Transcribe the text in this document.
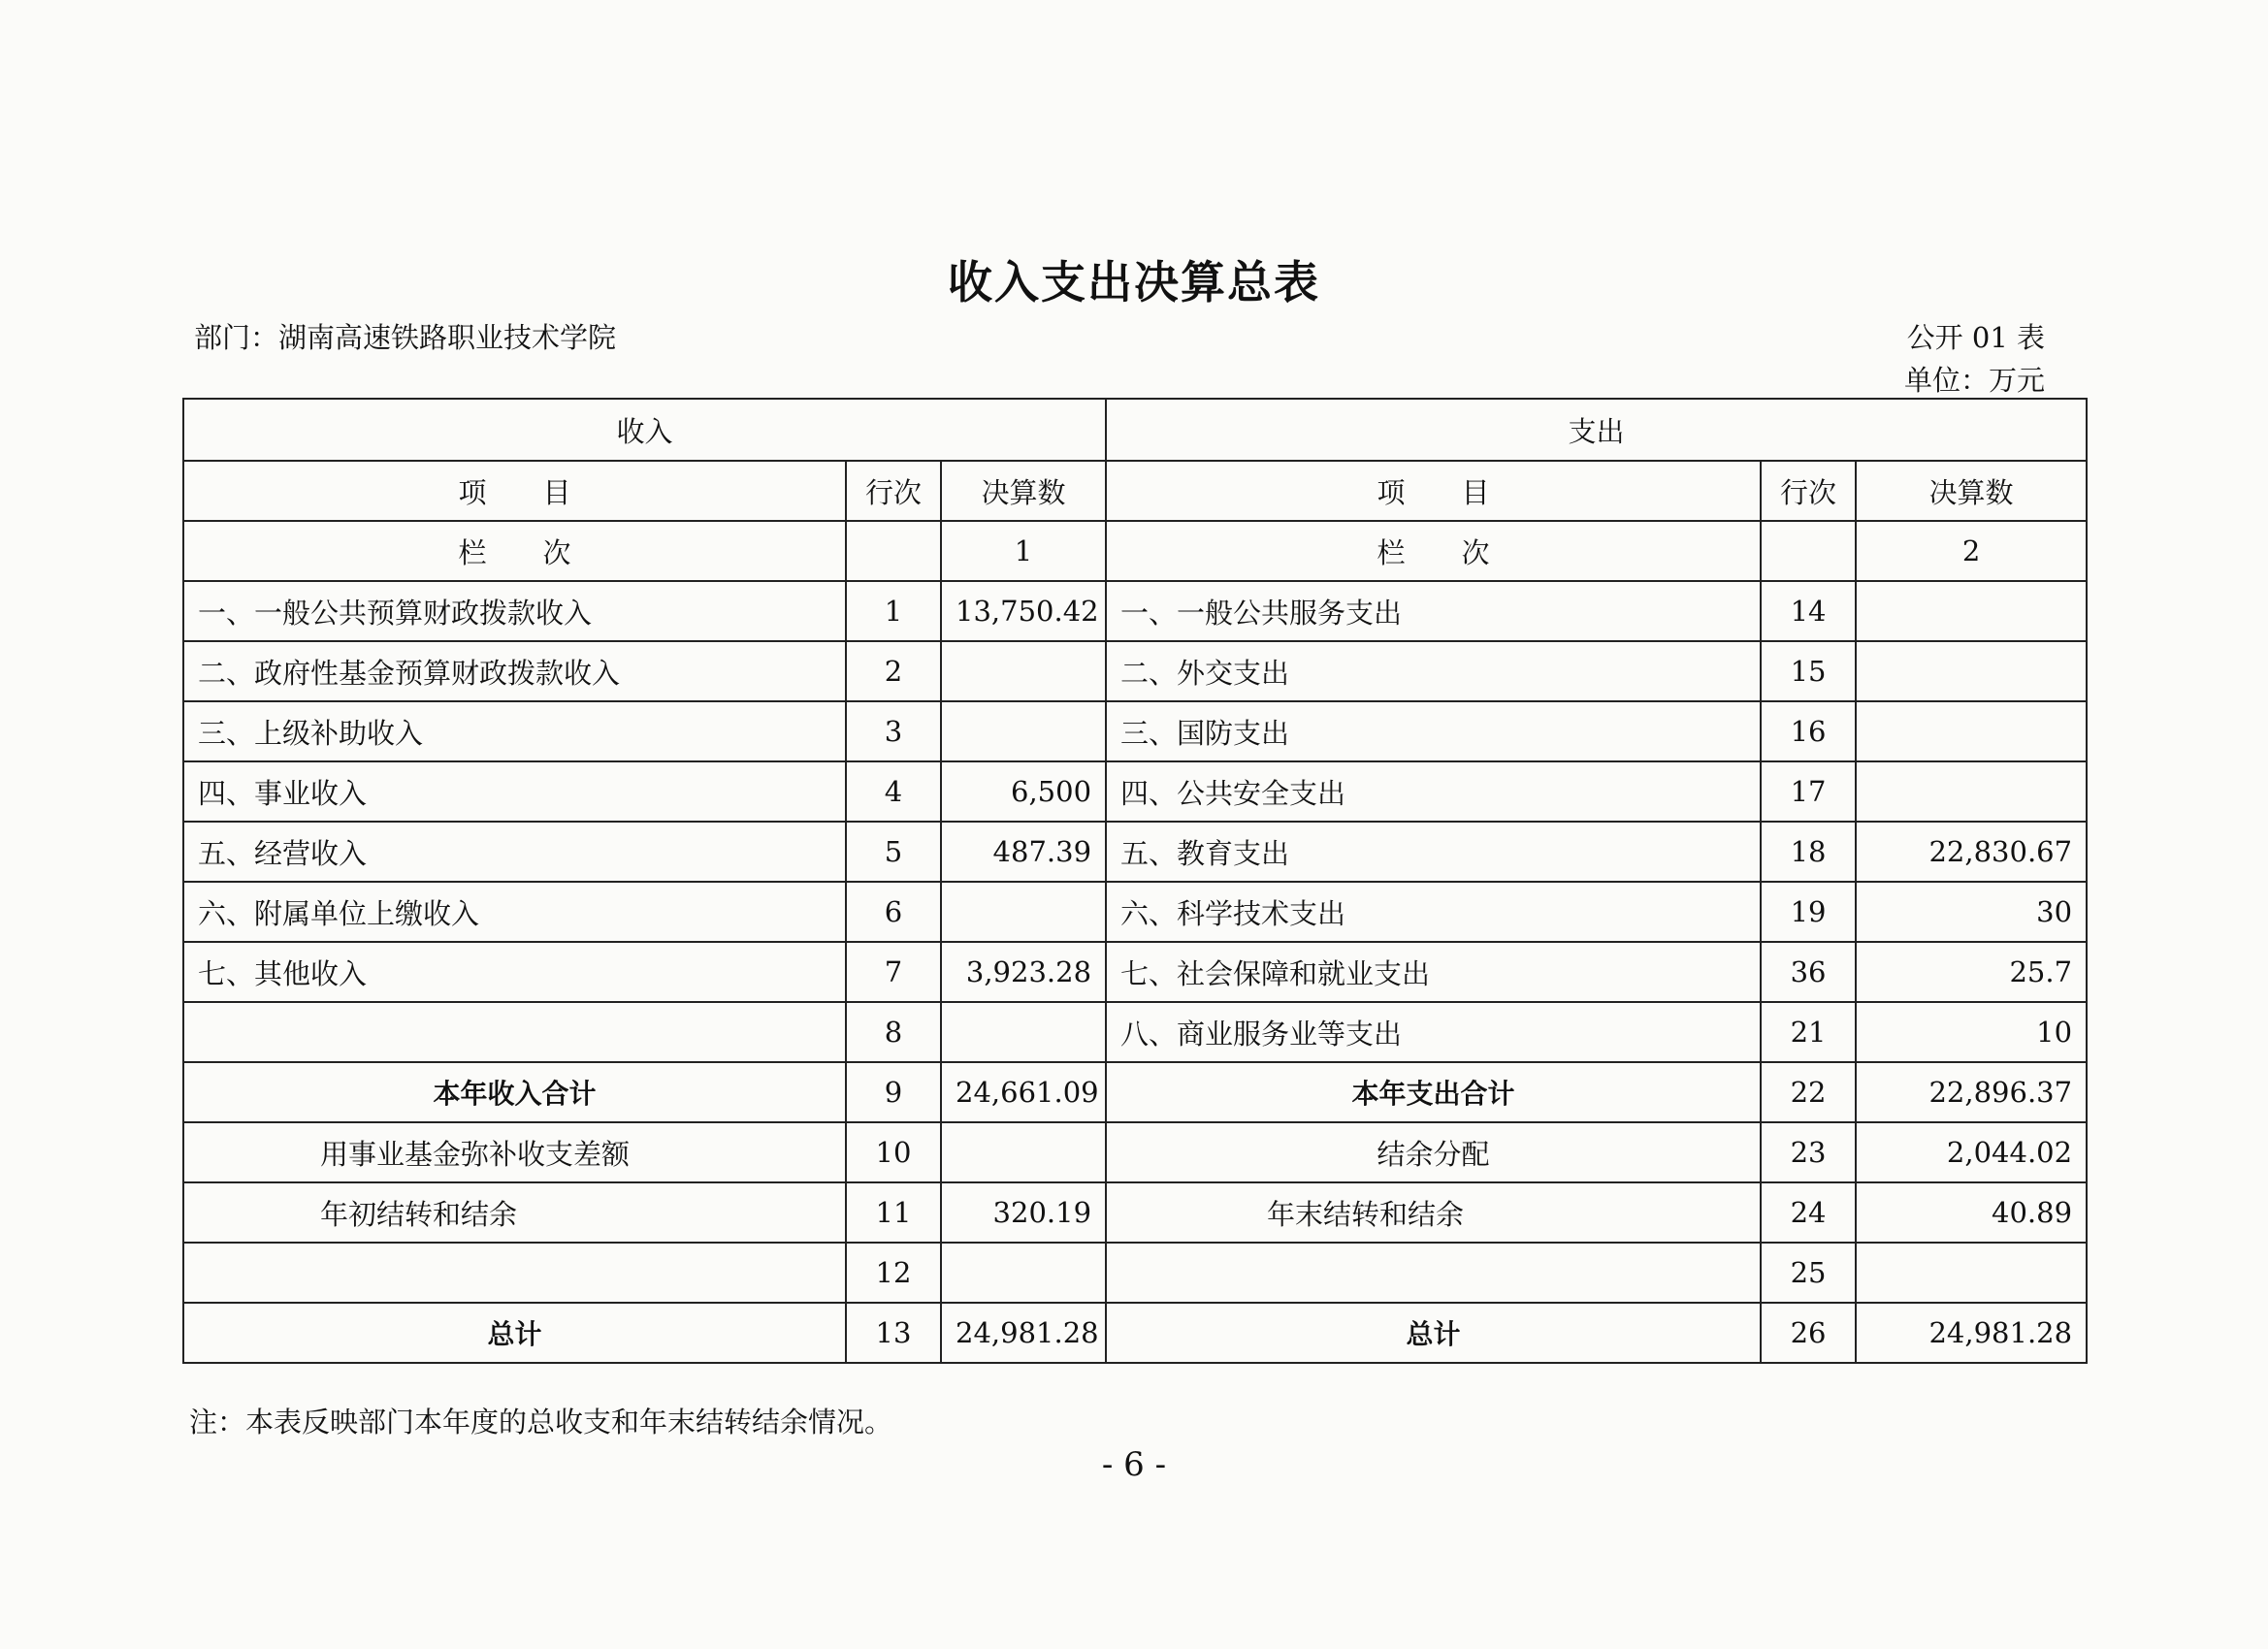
收入支出决算总表
部门：湖南高速铁路职业技术学院	公开 01 表
单位：万元
收入			支出		
项　　目	行次	决算数	项　　目	行次	决算数
栏　　次		1	栏　　次		2
一、一般公共预算财政拨款收入	1	13,750.42	一、一般公共服务支出	14	
二、政府性基金预算财政拨款收入	2		二、外交支出	15	
三、上级补助收入	3		三、国防支出	16	
四、事业收入	4	6,500	四、公共安全支出	17	
五、经营收入	5	487.39	五、教育支出	18	22,830.67
六、附属单位上缴收入	6		六、科学技术支出	19	30
七、其他收入	7	3,923.28	七、社会保障和就业支出	36	25.7
	8		八、商业服务业等支出	21	10
本年收入合计	9	24,661.09	本年支出合计	22	22,896.37
用事业基金弥补收支差额	10		结余分配	23	2,044.02
年初结转和结余	11	320.19	年末结转和结余	24	40.89
	12			25	
总计	13	24,981.28	总计	26	24,981.28
注：本表反映部门本年度的总收支和年末结转结余情况。
- 6 -
